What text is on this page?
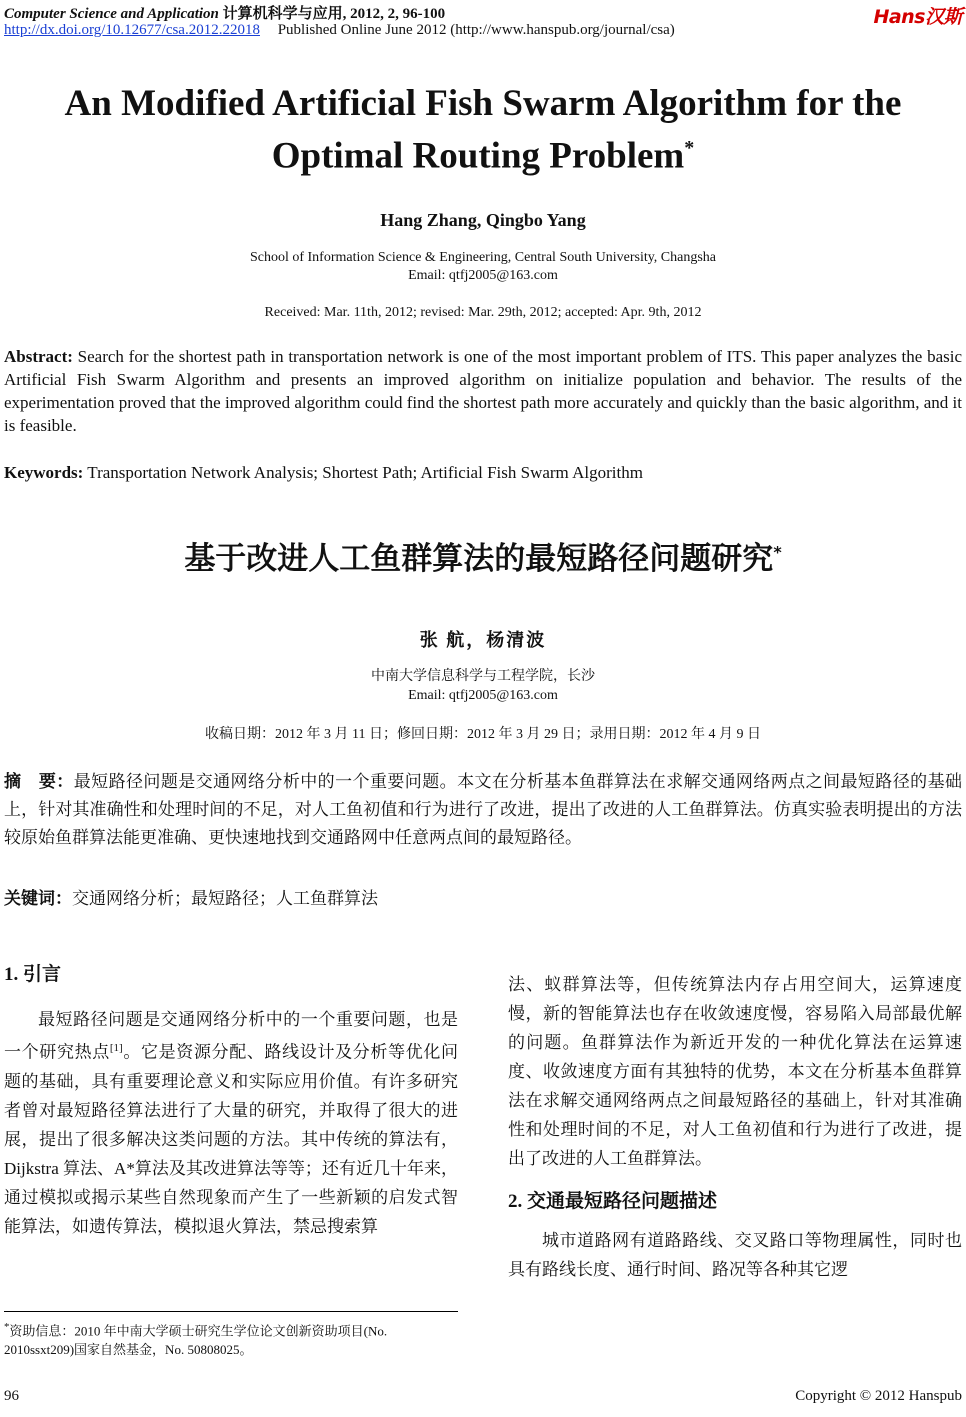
Computer Science and Application 计算机科学与应用, 2012, 2, 96-100
http://dx.doi.org/10.12677/csa.2012.22018 Published Online June 2012 (http://www.hanspub.org/journal/csa)
Hans汉斯
An Modified Artificial Fish Swarm Algorithm for the Optimal Routing Problem*
Hang Zhang, Qingbo Yang
School of Information Science & Engineering, Central South University, Changsha
Email: qtfj2005@163.com
Received: Mar. 11th, 2012; revised: Mar. 29th, 2012; accepted: Apr. 9th, 2012
Abstract: Search for the shortest path in transportation network is one of the most important problem of ITS. This paper analyzes the basic Artificial Fish Swarm Algorithm and presents an improved algorithm on initialize population and behavior. The results of the experimentation proved that the improved algorithm could find the shortest path more accurately and quickly than the basic algorithm, and it is feasible.
Keywords: Transportation Network Analysis; Shortest Path; Artificial Fish Swarm Algorithm
基于改进人工鱼群算法的最短路径问题研究*
张 航，杨清波
中南大学信息科学与工程学院，长沙
Email: qtfj2005@163.com
收稿日期：2012 年 3 月 11 日；修回日期：2012 年 3 月 29 日；录用日期：2012 年 4 月 9 日
摘　要：最短路径问题是交通网络分析中的一个重要问题。本文在分析基本鱼群算法在求解交通网络两点之间最短路径的基础上，针对其准确性和处理时间的不足，对人工鱼初值和行为进行了改进，提出了改进的人工鱼群算法。仿真实验表明提出的方法较原始鱼群算法能更准确、更快速地找到交通路网中任意两点间的最短路径。
关键词：交通网络分析；最短路径；人工鱼群算法
1. 引言

最短路径问题是交通网络分析中的一个重要问题，也是一个研究热点[1]。它是资源分配、路线设计及分析等优化问题的基础，具有重要理论意义和实际应用价值。有许多研究者曾对最短路径算法进行了大量的研究，并取得了很大的进展，提出了很多解决这类问题的方法。其中传统的算法有，Dijkstra 算法、A*算法及其改进算法等等；还有近几十年来，通过模拟或揭示某些自然现象而产生了一些新颖的启发式智能算法，如遗传算法，模拟退火算法，禁忌搜索算

*资助信息：2010 年中南大学硕士研究生学位论文创新资助项目(No. 2010ssxt209)国家自然基金，No. 50808025。

法、蚁群算法等，但传统算法内存占用空间大，运算速度慢，新的智能算法也存在收敛速度慢，容易陷入局部最优解的问题。鱼群算法作为新近开发的一种优化算法在运算速度、收敛速度方面有其独特的优势，本文在分析基本鱼群算法在求解交通网络两点之间最短路径的基础上，针对其准确性和处理时间的不足，对人工鱼初值和行为进行了改进，提出了改进的人工鱼群算法。

2. 交通最短路径问题描述

城市道路网有道路路线、交叉路口等物理属性，同时也具有路线长度、通行时间、路况等各种其它逻

96	Copyright © 2012 Hanspub
